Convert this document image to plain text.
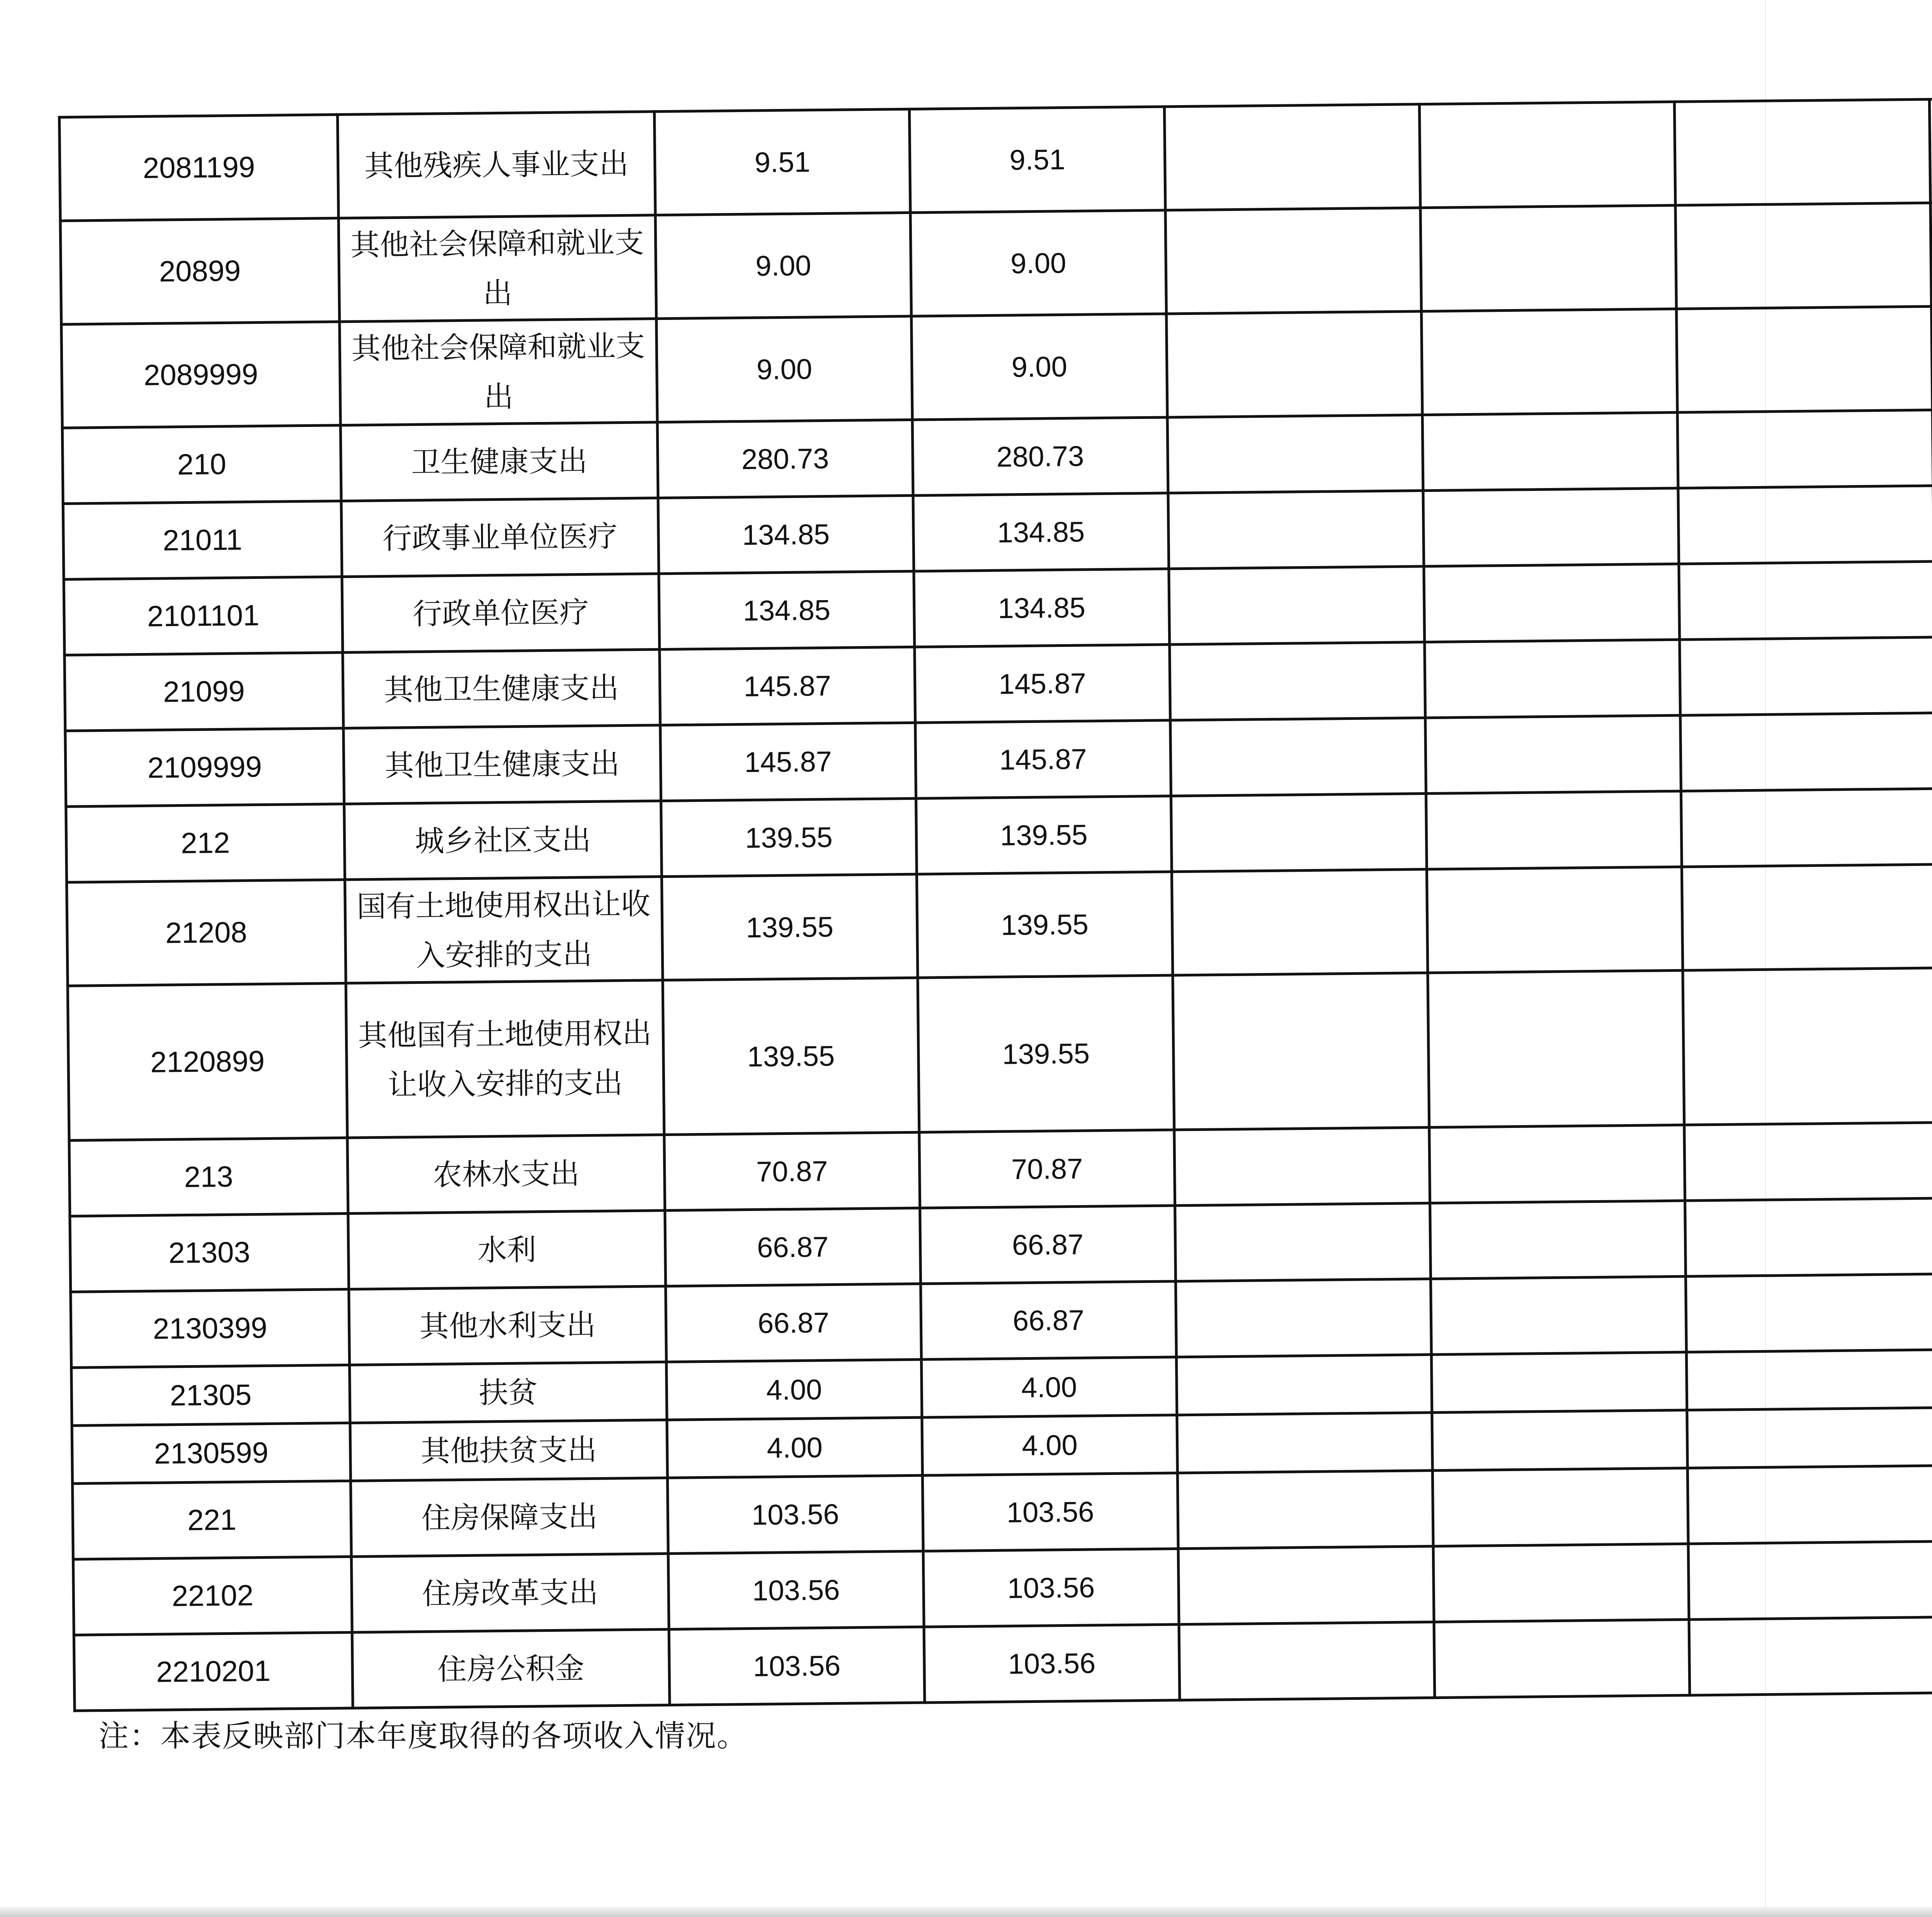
2081199	其他残疾人事业支出	9.51	9.51					
20899	其他社会保障和就业支出	9.00	9.00					
2089999	其他社会保障和就业支出	9.00	9.00					
210	卫生健康支出	280.73	280.73					
21011	行政事业单位医疗	134.85	134.85					
2101101	行政单位医疗	134.85	134.85					
21099	其他卫生健康支出	145.87	145.87					
2109999	其他卫生健康支出	145.87	145.87					
212	城乡社区支出	139.55	139.55					
21208	国有土地使用权出让收入安排的支出	139.55	139.55					
2120899	其他国有土地使用权出让收入安排的支出	139.55	139.55					
213	农林水支出	70.87	70.87					
21303	水利	66.87	66.87					
2130399	其他水利支出	66.87	66.87					
21305	扶贫	4.00	4.00					
2130599	其他扶贫支出	4.00	4.00					
221	住房保障支出	103.56	103.56					
22102	住房改革支出	103.56	103.56					
2210201	住房公积金	103.56	103.56					
注：本表反映部门本年度取得的各项收入情况。
